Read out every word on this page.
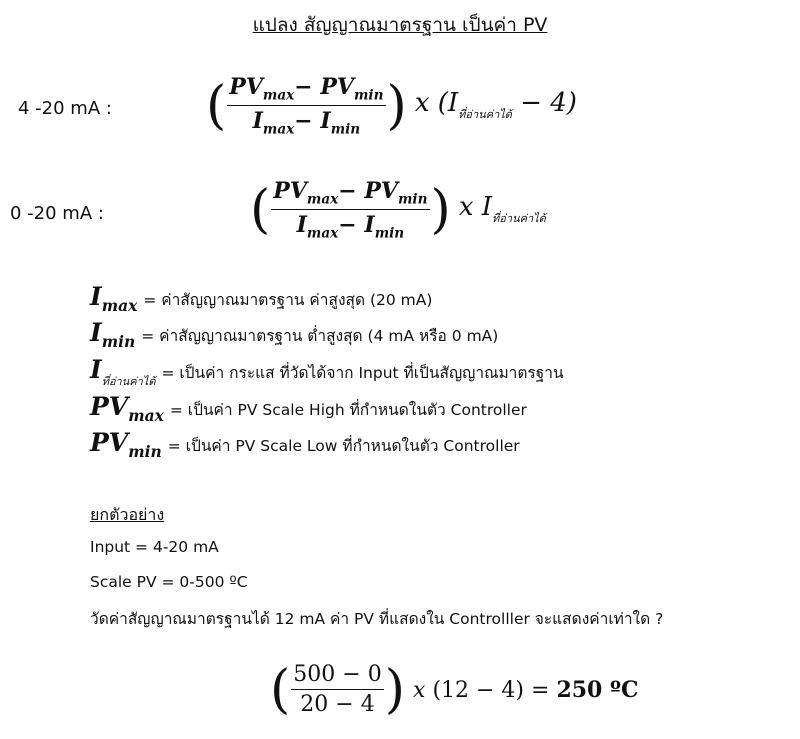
แปลง สัญญาณมาตรฐาน เป็นค่า PV
4 -20 mA : ( $\frac{PV_{max}- PV_{min}}{I_{max}- I_{min}}$ ) x $(I_{ที่อ่านค่าได้} - 4)$
0 -20 mA :	( $\frac{PV_{max}- PV_{min}}{I_{max}- I_{min}}$ ) x $I_{ที่อ่านค่าได้}$
$I_{max}$ = ค่าสัญญาณมาตรฐาน ค่าสูงสุด (20 mA)
$I_{min}$ = ค่าสัญญาณมาตรฐาน ต่ำสูงสุด (4 mA หรือ 0 mA)
$I_{ที่อ่านค่าได้}$ = เป็นค่า กระแส ที่วัดได้จาก Input ที่เป็นสัญญาณมาตรฐาน
$PV_{max}$ = เป็นค่า PV Scale High ที่กำหนดในตัว Controller
$PV_{min}$ = เป็นค่า PV Scale Low ที่กำหนดในตัว Controller
ยกตัวอย่าง
Input = 4-20 mA
Scale PV = 0-500 ºC
วัดค่าสัญญาณมาตรฐานได้ 12 mA ค่า PV ที่แสดงใน Controlller จะแสดงค่าเท่าใด ?
( $\frac{500 - 0}{20 - 4}$ ) x (12 − 4) = 250 ºC
